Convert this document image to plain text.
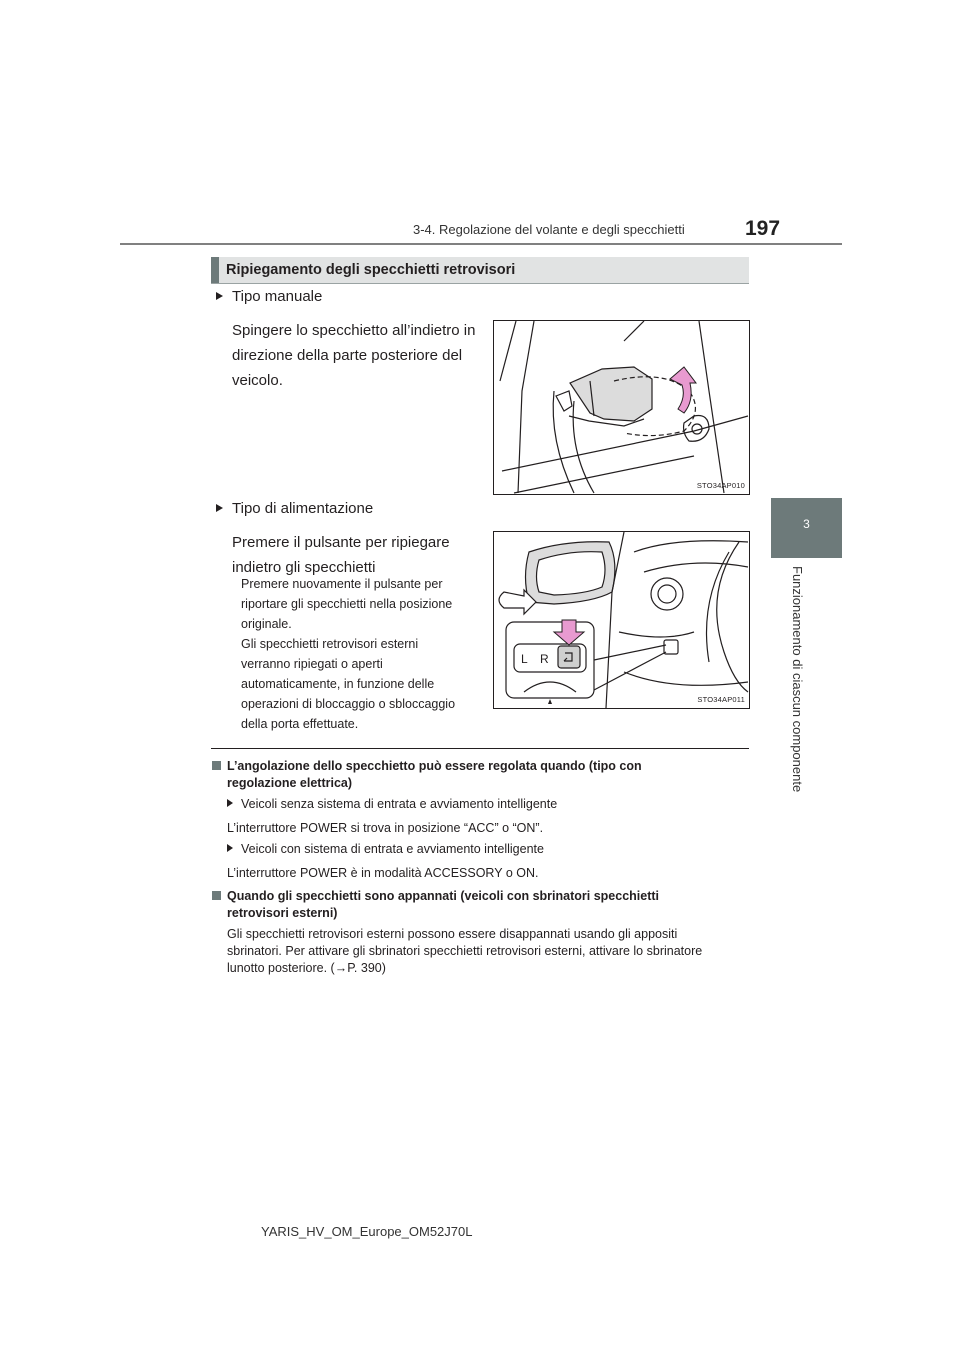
3-4. Regolazione del volante e degli specchietti	197
3
Funzionamento di ciascun componente
Ripiegamento degli specchietti retrovisori
Tipo manuale
Spingere lo specchietto all’indietro in
direzione della parte posteriore del
veicolo.
STO34AP010
Tipo di alimentazione
Premere il pulsante per ripiegare
indietro gli specchietti
Premere nuovamente il pulsante per
riportare gli specchietti nella posizione
originale.
Gli specchietti retrovisori esterni
verranno ripiegati o aperti
automaticamente, in funzione delle
operazioni di bloccaggio o sbloccaggio
della porta effettuate.
L R
STO34AP011
L’angolazione dello specchietto può essere regolata quando (tipo con
regolazione elettrica)
Veicoli senza sistema di entrata e avviamento intelligente
L’interruttore POWER si trova in posizione “ACC” o “ON”.
Veicoli con sistema di entrata e avviamento intelligente
L’interruttore POWER è in modalità ACCESSORY o ON.
Quando gli specchietti sono appannati (veicoli con sbrinatori specchietti
retrovisori esterni)
Gli specchietti retrovisori esterni possono essere disappannati usando gli appositi
sbrinatori. Per attivare gli sbrinatori specchietti retrovisori esterni, attivare lo sbrinatore
lunotto posteriore. (→P. 390)
YARIS_HV_OM_Europe_OM52J70L
